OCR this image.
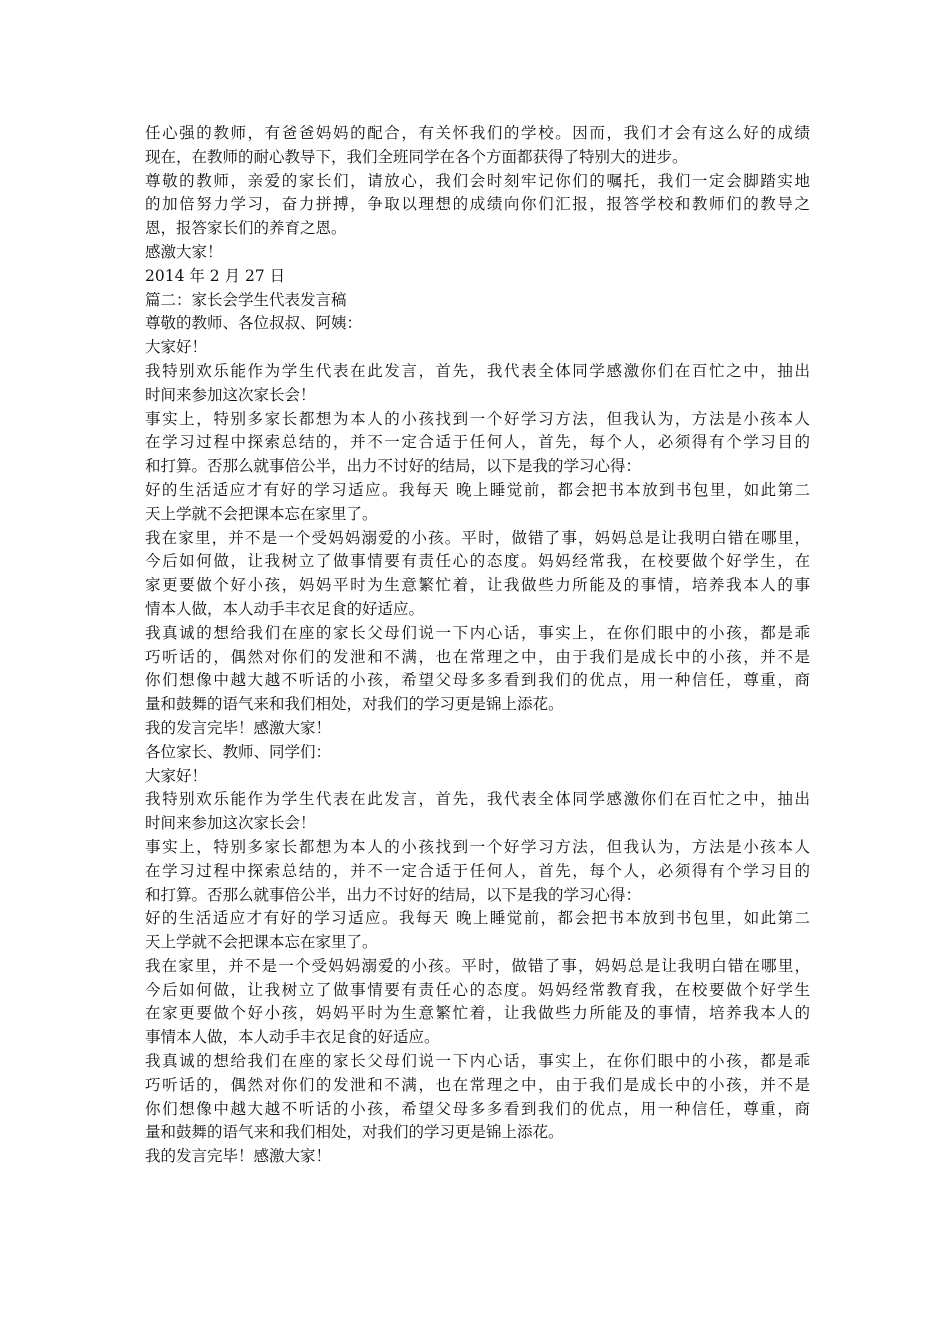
任心强的教师，有爸爸妈妈的配合，有关怀我们的学校。因而，我们才会有这么好的成绩
现在，在教师的耐心教导下，我们全班同学在各个方面都获得了特别大的进步。
尊敬的教师，亲爱的家长们，请放心，我们会时刻牢记你们的嘱托，我们一定会脚踏实地
的加倍努力学习，奋力拼搏，争取以理想的成绩向你们汇报，报答学校和教师们的教导之
恩，报答家长们的养育之恩。
感激大家！
2014 年 2 月 27 日
篇二：家长会学生代表发言稿
尊敬的教师、各位叔叔、阿姨：
大家好！
我特别欢乐能作为学生代表在此发言，首先，我代表全体同学感激你们在百忙之中，抽出
时间来参加这次家长会！
事实上，特别多家长都想为本人的小孩找到一个好学习方法，但我认为，方法是小孩本人
在学习过程中探索总结的，并不一定合适于任何人，首先，每个人，必须得有个学习目的
和打算。否那么就事倍公半，出力不讨好的结局，以下是我的学习心得：
好的生活适应才有好的学习适应。我每天 晚上睡觉前，都会把书本放到书包里，如此第二
天上学就不会把课本忘在家里了。
我在家里，并不是一个受妈妈溺爱的小孩。平时，做错了事，妈妈总是让我明白错在哪里，
今后如何做，让我树立了做事情要有责任心的态度。妈妈经常我，在校要做个好学生，在
家更要做个好小孩，妈妈平时为生意繁忙着，让我做些力所能及的事情，培养我本人的事
情本人做，本人动手丰衣足食的好适应。
我真诚的想给我们在座的家长父母们说一下内心话，事实上，在你们眼中的小孩，都是乖
巧听话的，偶然对你们的发泄和不满，也在常理之中，由于我们是成长中的小孩，并不是
你们想像中越大越不听话的小孩，希望父母多多看到我们的优点，用一种信任，尊重，商
量和鼓舞的语气来和我们相处，对我们的学习更是锦上添花。
我的发言完毕！感激大家！
各位家长、教师、同学们：
大家好！
我特别欢乐能作为学生代表在此发言，首先，我代表全体同学感激你们在百忙之中，抽出
时间来参加这次家长会！
事实上，特别多家长都想为本人的小孩找到一个好学习方法，但我认为，方法是小孩本人
在学习过程中探索总结的，并不一定合适于任何人，首先，每个人，必须得有个学习目的
和打算。否那么就事倍公半，出力不讨好的结局，以下是我的学习心得：
好的生活适应才有好的学习适应。我每天 晚上睡觉前，都会把书本放到书包里，如此第二
天上学就不会把课本忘在家里了。
我在家里，并不是一个受妈妈溺爱的小孩。平时，做错了事，妈妈总是让我明白错在哪里，
今后如何做，让我树立了做事情要有责任心的态度。妈妈经常教育我，在校要做个好学生
在家更要做个好小孩，妈妈平时为生意繁忙着，让我做些力所能及的事情，培养我本人的
事情本人做，本人动手丰衣足食的好适应。
我真诚的想给我们在座的家长父母们说一下内心话，事实上，在你们眼中的小孩，都是乖
巧听话的，偶然对你们的发泄和不满，也在常理之中，由于我们是成长中的小孩，并不是
你们想像中越大越不听话的小孩，希望父母多多看到我们的优点，用一种信任，尊重，商
量和鼓舞的语气来和我们相处，对我们的学习更是锦上添花。
我的发言完毕！感激大家！
